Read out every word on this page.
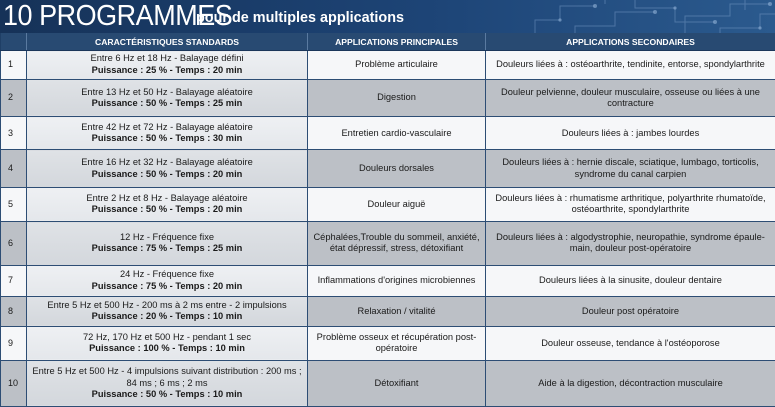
10 PROGRAMMES
pour de multiples applications
	CARACTÉRISTIQUES STANDARDS	APPLICATIONS PRINCIPALES	APPLICATIONS SECONDAIRES
1	Entre 6 Hz et 18 Hz - Balayage défini
Puissance : 25 % - Temps : 20 min	Problème articulaire	Douleurs liées à : ostéoarthrite, tendinite, entorse, spondylarthrite

2	Entre 13 Hz et 50 Hz - Balayage aléatoire
Puissance : 50 % - Temps : 25 min	Digestion	Douleur pelvienne, douleur musculaire, osseuse ou liées à une contracture

3	Entre 42 Hz et 72 Hz - Balayage aléatoire
Puissance : 50 % - Temps : 30 min	Entretien cardio-vasculaire	Douleurs liées à : jambes lourdes

4	Entre 16 Hz et 32 Hz - Balayage aléatoire
Puissance : 50 % - Temps : 20 min	Douleurs dorsales	Douleurs liées à : hernie discale, sciatique, lumbago, torticolis, syndrome du canal carpien

5	Entre 2 Hz et 8 Hz - Balayage aléatoire
Puissance : 50 % - Temps : 20 min	Douleur aiguë	Douleurs liées à : rhumatisme arthritique, polyarthrite rhumatoïde, ostéoarthrite, spondylarthrite

6	12 Hz - Fréquence fixe
Puissance : 75 % - Temps : 25 min	Céphalées,Trouble du sommeil, anxiété, état dépressif, stress, détoxifiant	Douleurs liées à : algodystrophie, neuropathie, syndrome épaule-main, douleur post-opératoire

7	24 Hz - Fréquence fixe
Puissance : 75 % - Temps : 20 min	Inflammations d'origines microbiennes	Douleurs liées à la sinusite, douleur dentaire

8	Entre 5 Hz et 500 Hz - 200 ms à 2 ms entre - 2 impulsions
Puissance : 20 % - Temps : 10 min	Relaxation / vitalité	Douleur post opératoire

9	72 Hz, 170 Hz et 500 Hz - pendant 1 sec
Puissance : 100 % - Temps : 10 min	Problème osseux et récupération post-opératoire	Douleur osseuse, tendance à l'ostéoporose

10	Entre 5 Hz et 500 Hz - 4 impulsions suivant distribution : 200 ms ; 84 ms ; 6 ms ; 2 ms
Puissance : 50 % - Temps : 10 min	Détoxifiant	Aide à la digestion, décontraction musculaire
